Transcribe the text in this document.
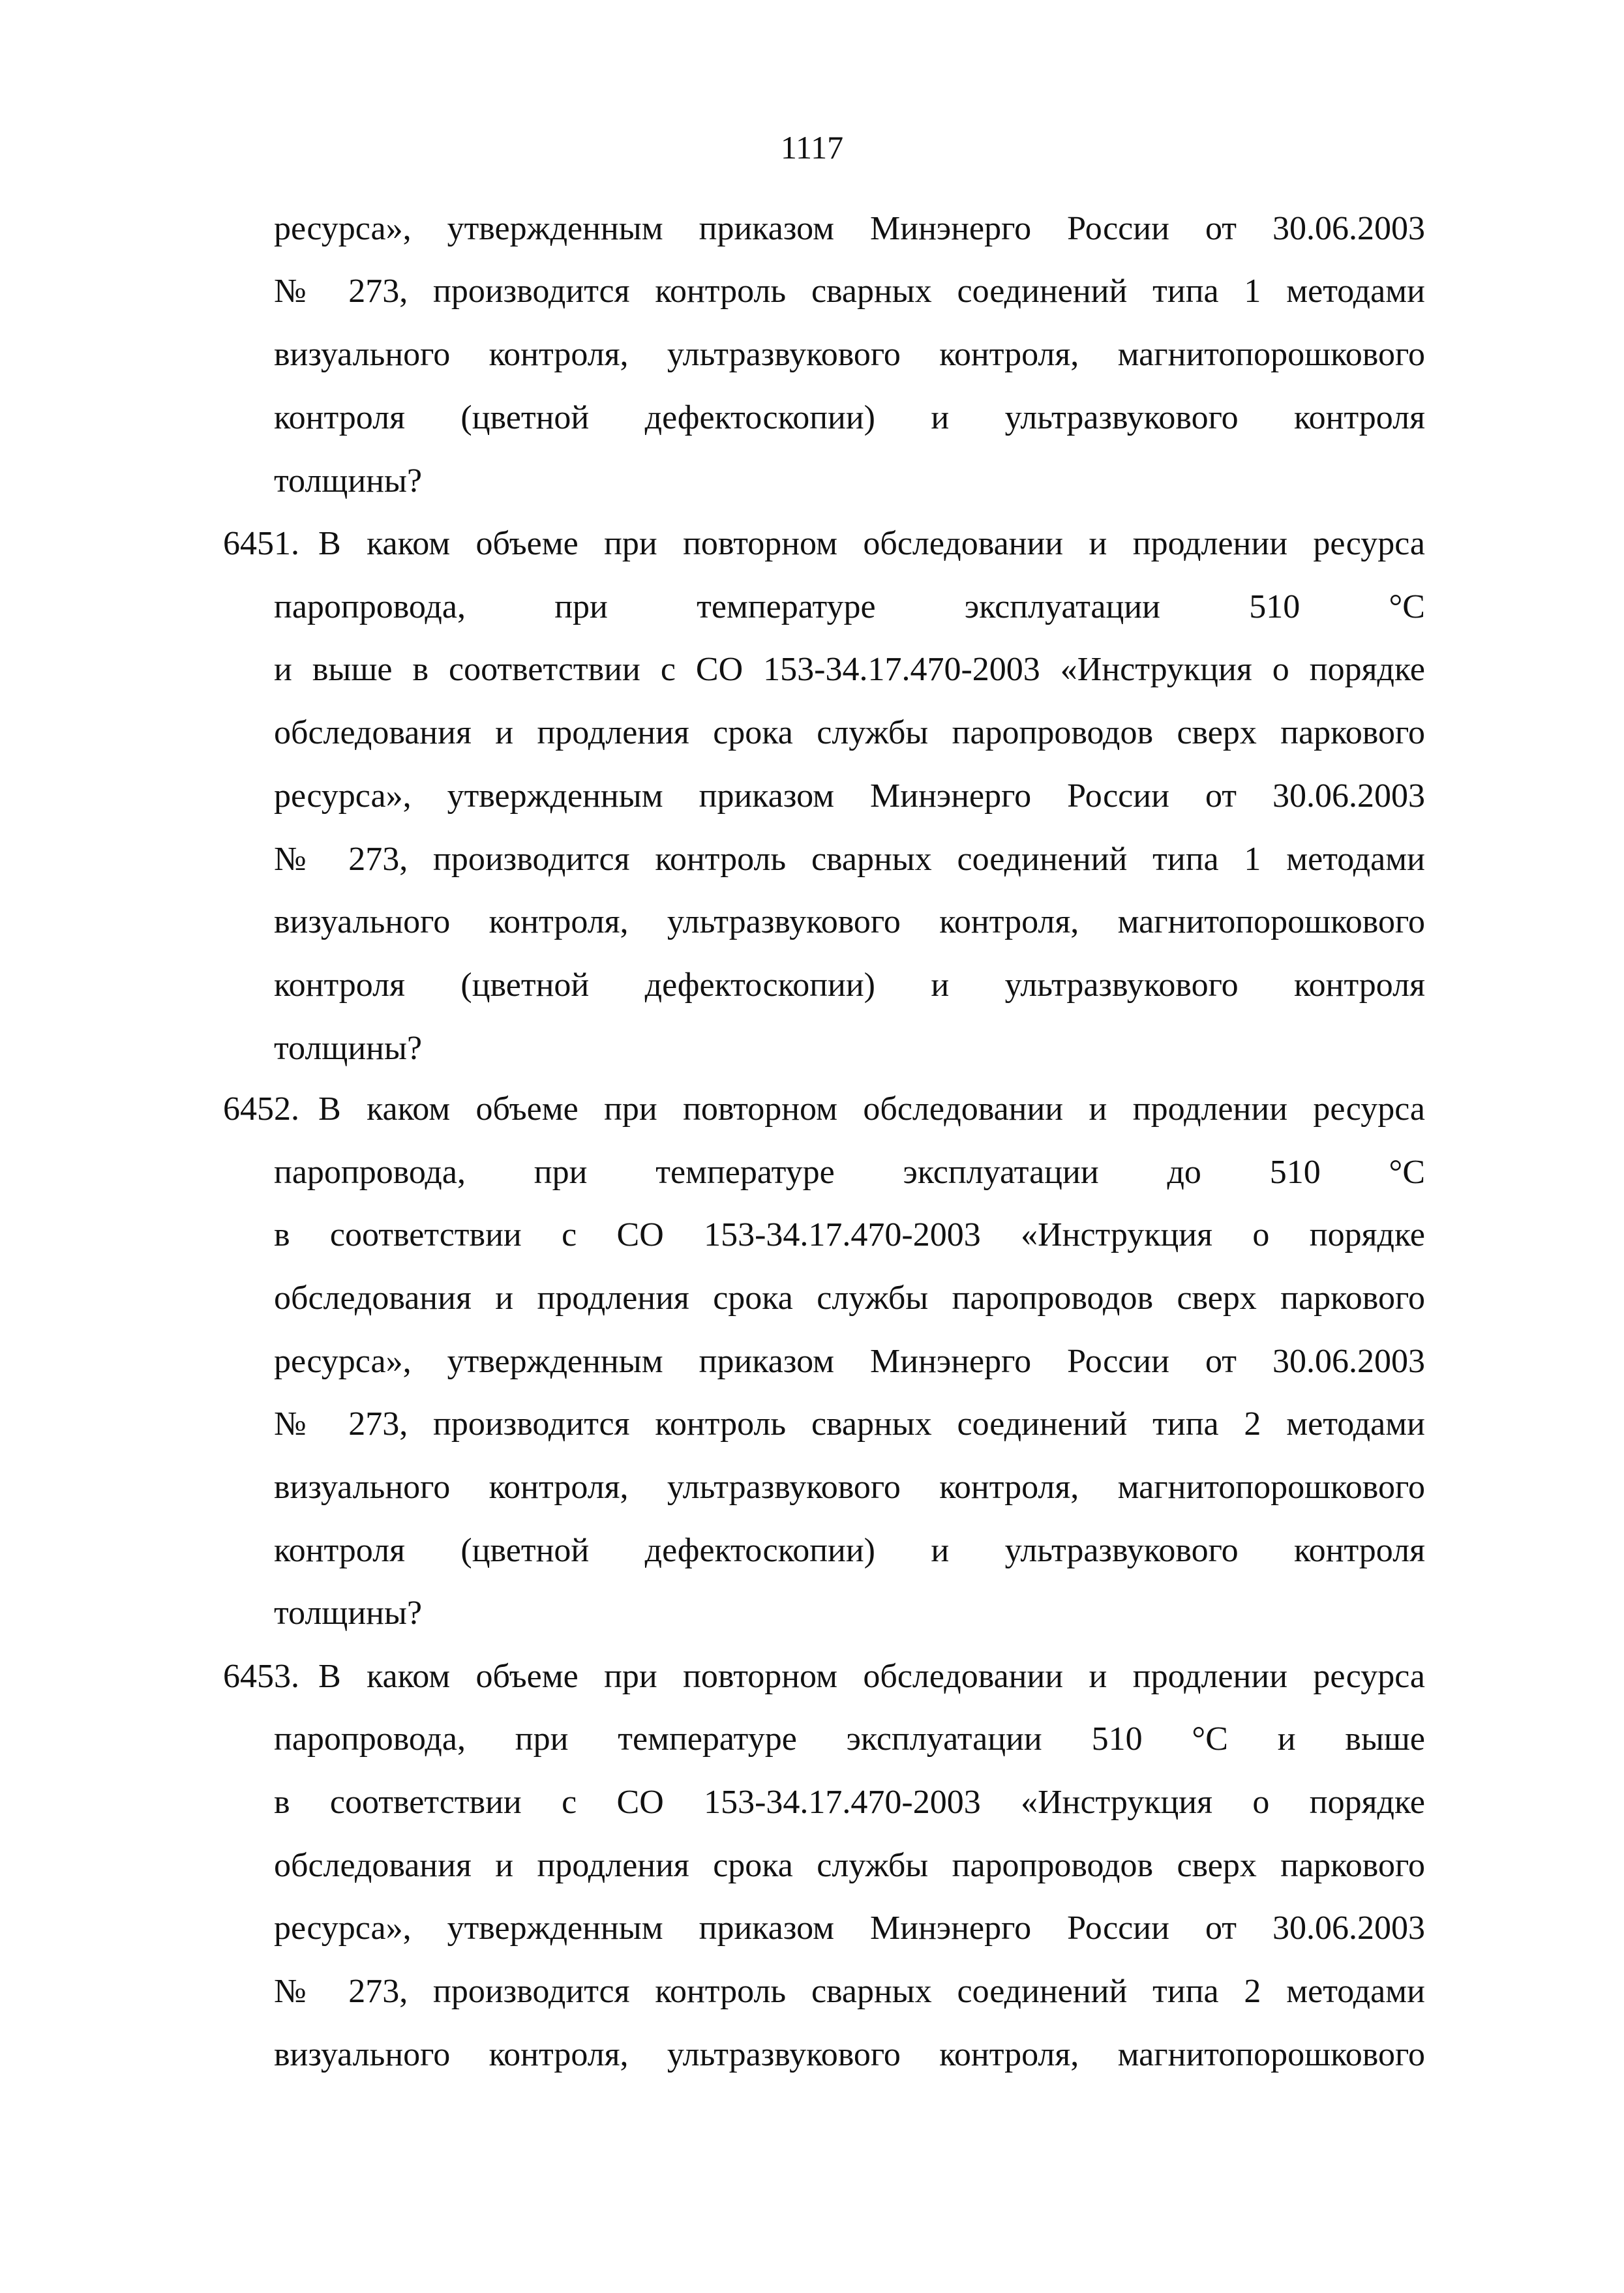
1117
ресурса», утвержденным приказом Минэнерго России от 30.06.2003
№ 273, производится контроль сварных соединений типа 1 методами
визуального контроля, ультразвукового контроля, магнитопорошкового
контроля (цветной дефектоскопии) и ультразвукового контроля
толщины?
6451. В каком объеме при повторном обследовании и продлении ресурса
паропровода, при температуре эксплуатации 510 °С
и выше в соответствии с СО 153-34.17.470-2003 «Инструкция о порядке
обследования и продления срока службы паропроводов сверх паркового
ресурса», утвержденным приказом Минэнерго России от 30.06.2003
№ 273, производится контроль сварных соединений типа 1 методами
визуального контроля, ультразвукового контроля, магнитопорошкового
контроля (цветной дефектоскопии) и ультразвукового контроля
толщины?
6452. В каком объеме при повторном обследовании и продлении ресурса
паропровода, при температуре эксплуатации до 510 °С
в соответствии с СО 153-34.17.470-2003 «Инструкция о порядке
обследования и продления срока службы паропроводов сверх паркового
ресурса», утвержденным приказом Минэнерго России от 30.06.2003
№ 273, производится контроль сварных соединений типа 2 методами
визуального контроля, ультразвукового контроля, магнитопорошкового
контроля (цветной дефектоскопии) и ультразвукового контроля
толщины?
6453. В каком объеме при повторном обследовании и продлении ресурса
паропровода, при температуре эксплуатации 510 °С и выше
в соответствии с СО 153-34.17.470-2003 «Инструкция о порядке
обследования и продления срока службы паропроводов сверх паркового
ресурса», утвержденным приказом Минэнерго России от 30.06.2003
№ 273, производится контроль сварных соединений типа 2 методами
визуального контроля, ультразвукового контроля, магнитопорошкового
